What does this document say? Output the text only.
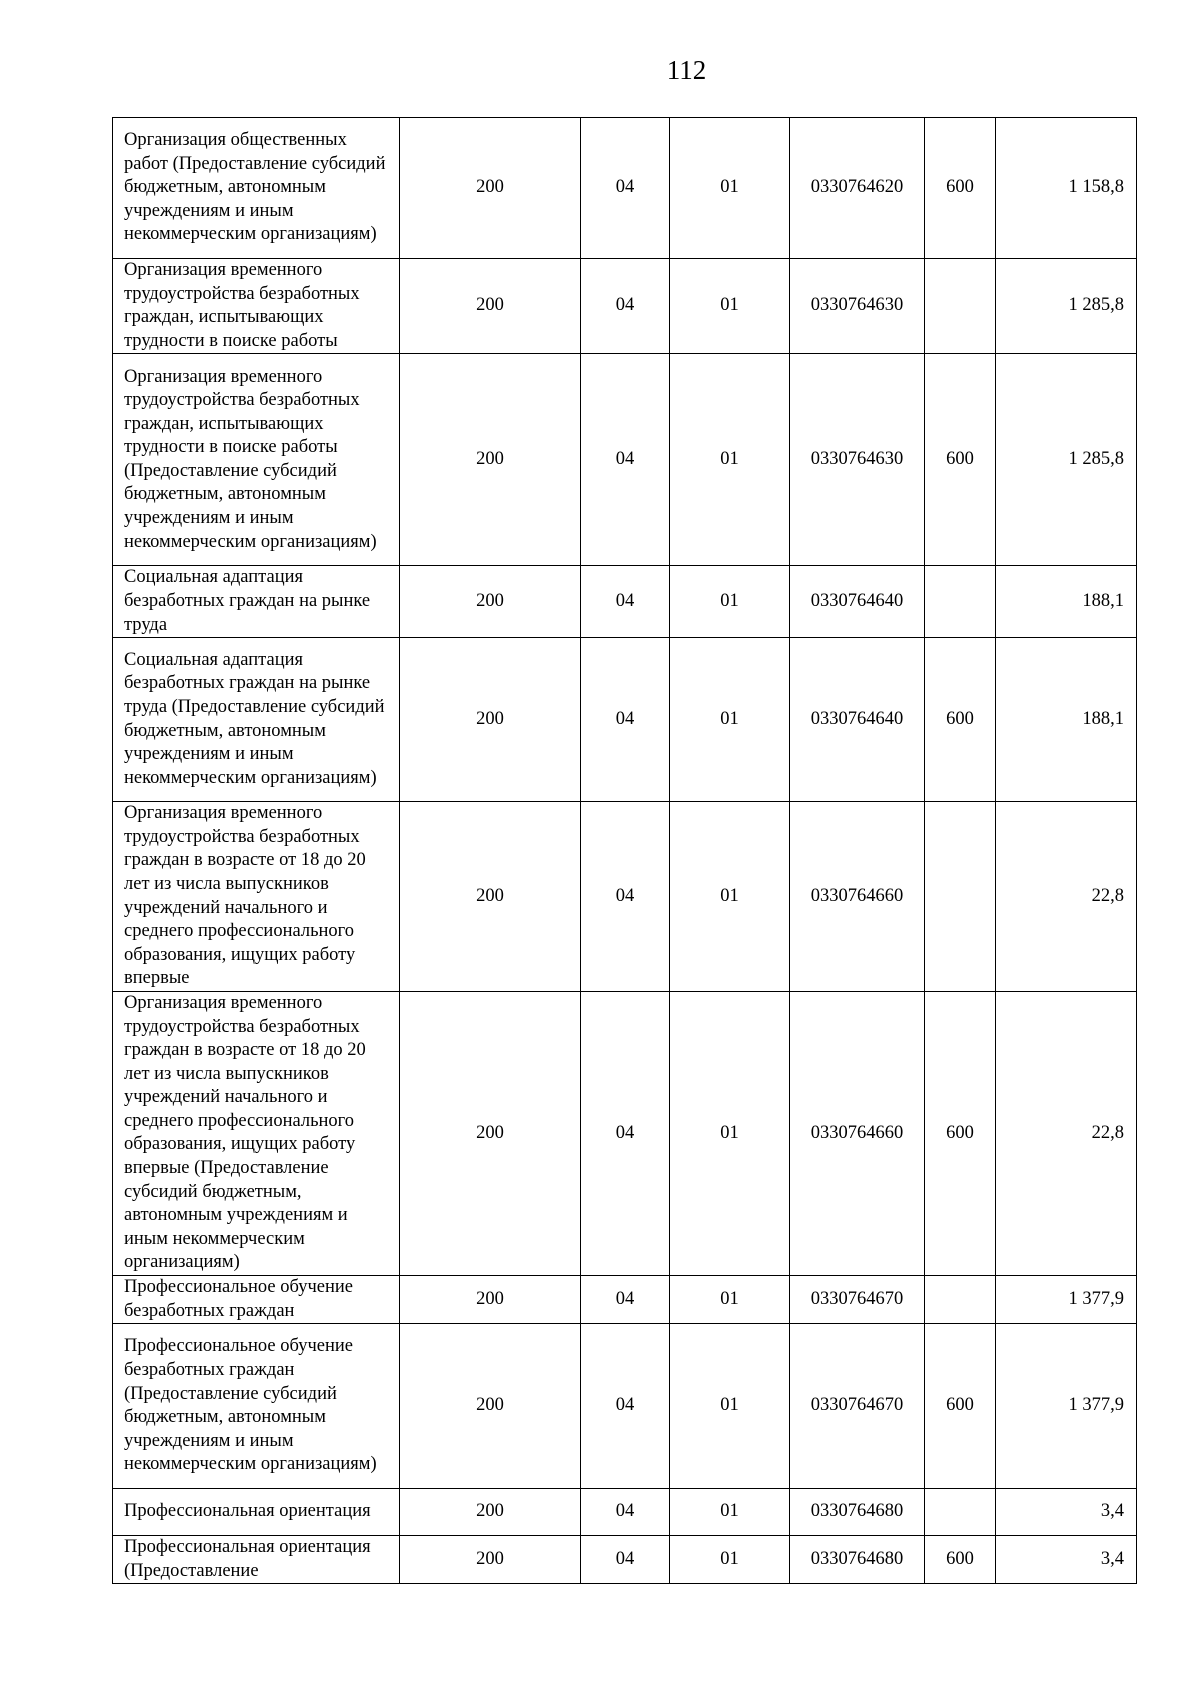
112
Организация общественных работ (Предоставление субсидий бюджетным, автономным учреждениям и иным некоммерческим организациям)	200	04	01	0330764620	600	1 158,8
Организация временного трудоустройства безработных граждан, испытывающих трудности в поиске работы	200	04	01	0330764630		1 285,8
Организация временного трудоустройства безработных граждан, испытывающих трудности в поиске работы (Предоставление субсидий бюджетным, автономным учреждениям и иным некоммерческим организациям)	200	04	01	0330764630	600	1 285,8
Социальная адаптация безработных граждан на рынке труда	200	04	01	0330764640		188,1
Социальная адаптация безработных граждан на рынке труда (Предоставление субсидий бюджетным, автономным учреждениям и иным некоммерческим организациям)	200	04	01	0330764640	600	188,1
Организация временного трудоустройства безработных граждан в возрасте от 18 до 20 лет из числа выпускников учреждений начального и среднего профессионального образования, ищущих работу впервые	200	04	01	0330764660		22,8
Организация временного трудоустройства безработных граждан в возрасте от 18 до 20 лет из числа выпускников учреждений начального и среднего профессионального образования, ищущих работу впервые (Предоставление субсидий бюджетным, автономным учреждениям и иным некоммерческим организациям)	200	04	01	0330764660	600	22,8
Профессиональное обучение безработных граждан	200	04	01	0330764670		1 377,9
Профессиональное обучение безработных граждан (Предоставление субсидий бюджетным, автономным учреждениям и иным некоммерческим организациям)	200	04	01	0330764670	600	1 377,9
Профессиональная ориентация	200	04	01	0330764680		3,4
Профессиональная ориентация (Предоставление	200	04	01	0330764680	600	3,4
